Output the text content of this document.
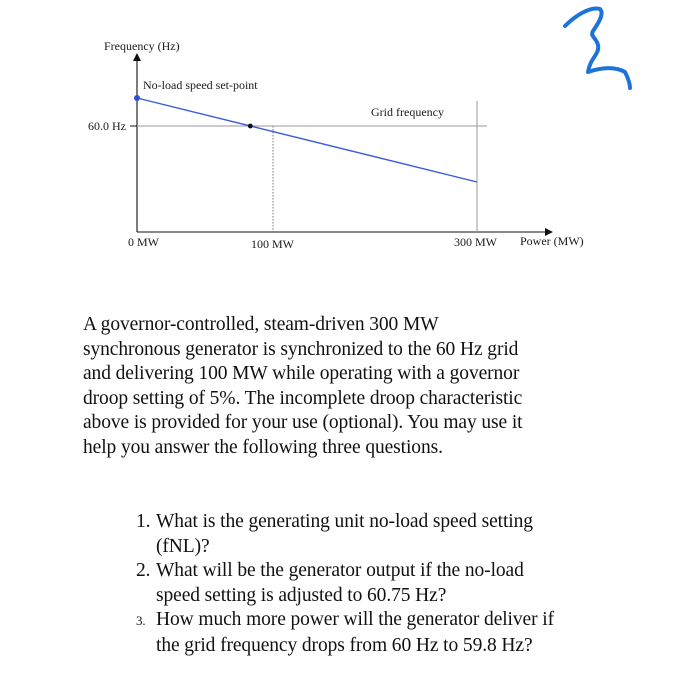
Frequency (Hz)
No-load speed set-point
Grid frequency
60.0 Hz
0 MW	100 MW	300 MW Power (MW)
A governor-controlled, steam-driven 300 MW
synchronous generator is synchronized to the 60 Hz grid
and delivering 100 MW while operating with a governor
droop setting of 5%. The incomplete droop characteristic
above is provided for your use (optional). You may use it
help you answer the following three questions.
1. What is the generating unit no-load speed setting
(fNL)?
2. What will be the generator output if the no-load
speed setting is adjusted to 60.75 Hz?
3. How much more power will the generator deliver if
the grid frequency drops from 60 Hz to 59.8 Hz?
